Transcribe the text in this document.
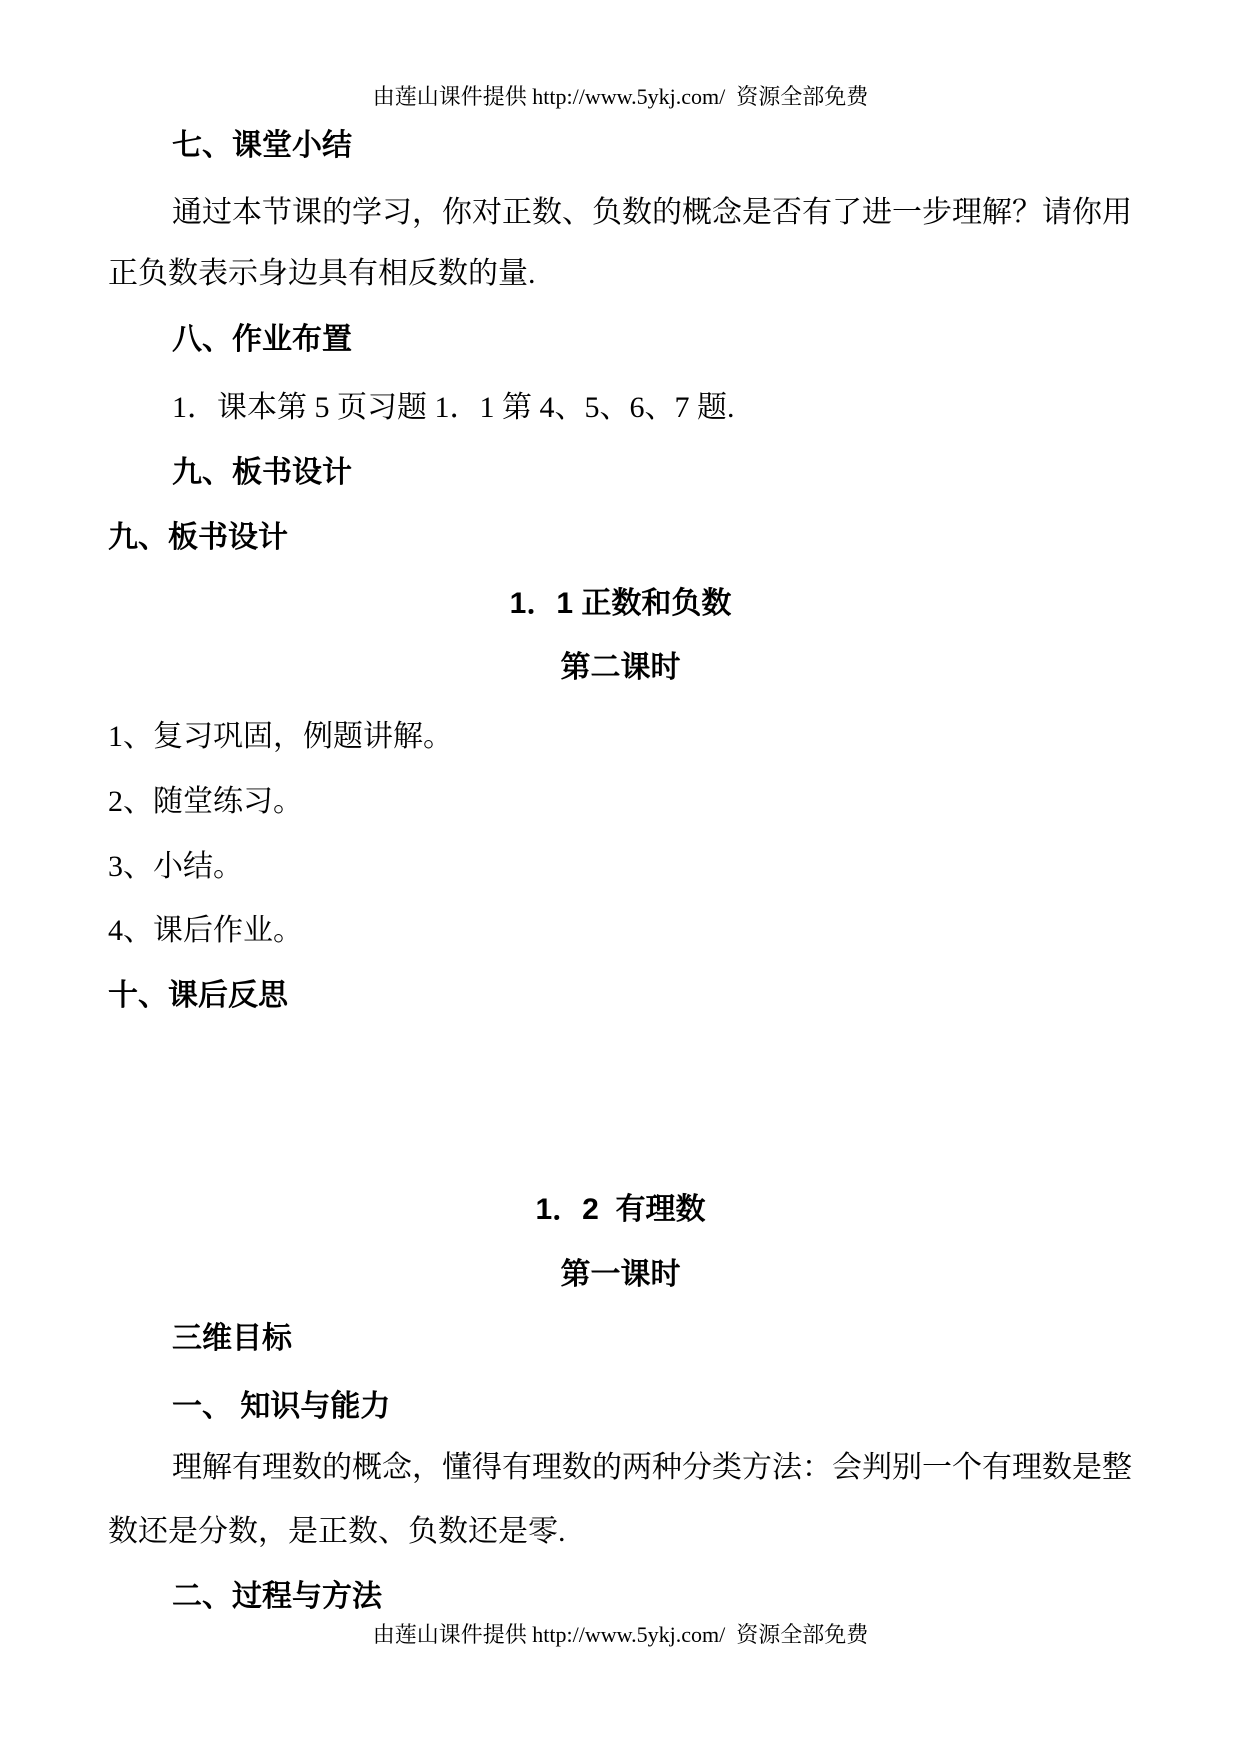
由莲山课件提供 http://www.5ykj.com/  资源全部免费
七、课堂小结
通过本节课的学习，你对正数、负数的概念是否有了进一步理解？请你用
正负数表示身边具有相反数的量.
八、作业布置
1．课本第 5 页习题 1．1 第 4、5、6、7 题.
九、板书设计
九、板书设计
1．1 正数和负数
第二课时
1、复习巩固，例题讲解。
2、随堂练习。
3、小结。
4、课后作业。
十、课后反思
1．2  有理数
第一课时
三维目标
一、 知识与能力
理解有理数的概念，懂得有理数的两种分类方法：会判别一个有理数是整
数还是分数，是正数、负数还是零.
二、过程与方法
由莲山课件提供 http://www.5ykj.com/  资源全部免费
